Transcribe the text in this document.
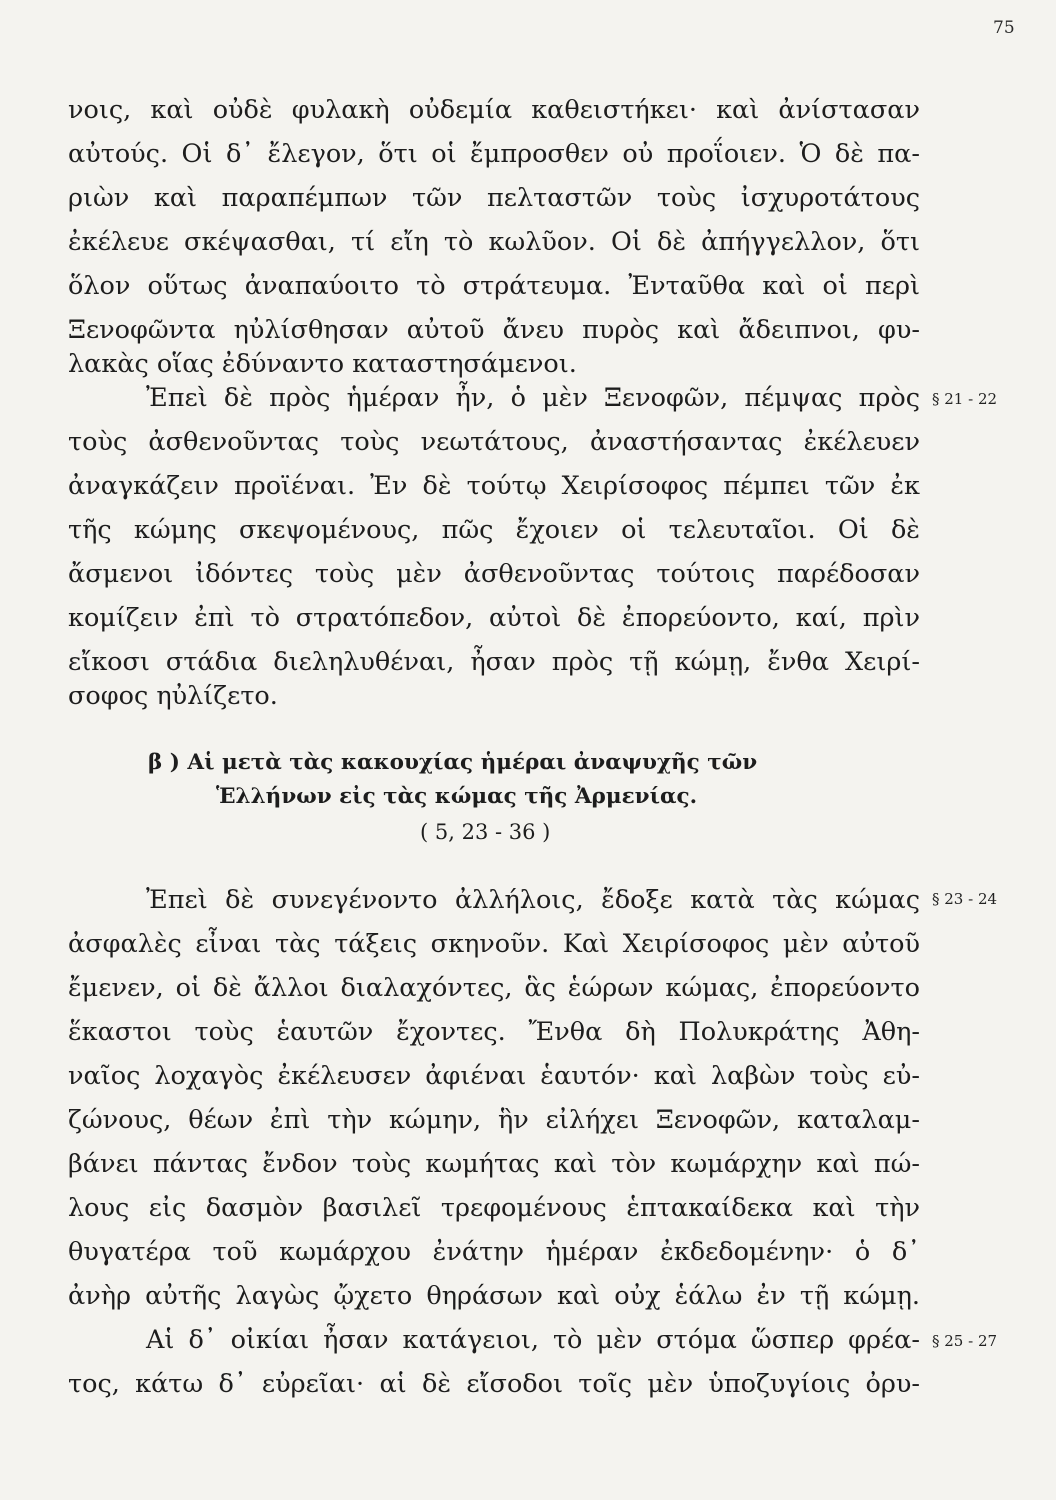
75
νοις, καὶ οὐδὲ φυλακὴ οὐδεμία καθειστήκει· καὶ ἀνίστασαν
αὐτούς. Οἱ δ᾽ ἔλεγον, ὅτι οἱ ἔμπροσθεν οὐ προΐοιεν. Ὁ δὲ πα-
ριὼν καὶ παραπέμπων τῶν πελταστῶν τοὺς ἰσχυροτάτους
ἐκέλευε σκέψασθαι, τί εἴη τὸ κωλῦον. Οἱ δὲ ἀπήγγελλον, ὅτι
ὅλον οὕτως ἀναπαύοιτο τὸ στράτευμα. Ἐνταῦθα καὶ οἱ περὶ
Ξενοφῶντα ηὐλίσθησαν αὐτοῦ ἄνευ πυρὸς καὶ ἄδειπνοι, φυ-
λακὰς οἵας ἐδύναντο καταστησάμενοι.
§ 21 - 22
Ἐπεὶ δὲ πρὸς ἡμέραν ἦν, ὁ μὲν Ξενοφῶν, πέμψας πρὸς
τοὺς ἀσθενοῦντας τοὺς νεωτάτους, ἀναστήσαντας ἐκέλευεν
ἀναγκάζειν προϊέναι. Ἐν δὲ τούτῳ Χειρίσοφος πέμπει τῶν ἐκ
τῆς κώμης σκεψομένους, πῶς ἔχοιεν οἱ τελευταῖοι. Οἱ δὲ
ἄσμενοι ἰδόντες τοὺς μὲν ἀσθενοῦντας τούτοις παρέδοσαν
κομίζειν ἐπὶ τὸ στρατόπεδον, αὐτοὶ δὲ ἐπορεύοντο, καί, πρὶν
εἴκοσι στάδια διεληλυθέναι, ἦσαν πρὸς τῇ κώμῃ, ἔνθα Χειρί-
σοφος ηὐλίζετο.
β ) Αἱ μετὰ τὰς κακουχίας ἡμέραι ἀναψυχῆς τῶν
Ἑλλήνων εἰς τὰς κώμας τῆς Ἀρμενίας.
( 5, 23 - 36 )
§ 23 - 24
Ἐπεὶ δὲ συνεγένοντο ἀλλήλοις, ἔδοξε κατὰ τὰς κώμας
ἀσφαλὲς εἶναι τὰς τάξεις σκηνοῦν. Καὶ Χειρίσοφος μὲν αὐτοῦ
ἔμενεν, οἱ δὲ ἄλλοι διαλαχόντες, ἃς ἑώρων κώμας, ἐπορεύοντο
ἕκαστοι τοὺς ἑαυτῶν ἔχοντες. Ἔνθα δὴ Πολυκράτης Ἀθη-
ναῖος λοχαγὸς ἐκέλευσεν ἀφιέναι ἑαυτόν· καὶ λαβὼν τοὺς εὐ-
ζώνους, θέων ἐπὶ τὴν κώμην, ἣν εἰλήχει Ξενοφῶν, καταλαμ-
βάνει πάντας ἔνδον τοὺς κωμήτας καὶ τὸν κωμάρχην καὶ πώ-
λους εἰς δασμὸν βασιλεῖ τρεφομένους ἑπτακαίδεκα καὶ τὴν
θυγατέρα τοῦ κωμάρχου ἐνάτην ἡμέραν ἐκδεδομένην· ὁ δ᾽
ἀνὴρ αὐτῆς λαγὼς ᾤχετο θηράσων καὶ οὐχ ἑάλω ἐν τῇ κώμῃ.
§ 25 - 27
Αἱ δ᾽ οἰκίαι ἦσαν κατάγειοι, τὸ μὲν στόμα ὥσπερ φρέα-
τος, κάτω δ᾽ εὐρεῖαι· αἱ δὲ εἴσοδοι τοῖς μὲν ὑποζυγίοις ὀρυ-
